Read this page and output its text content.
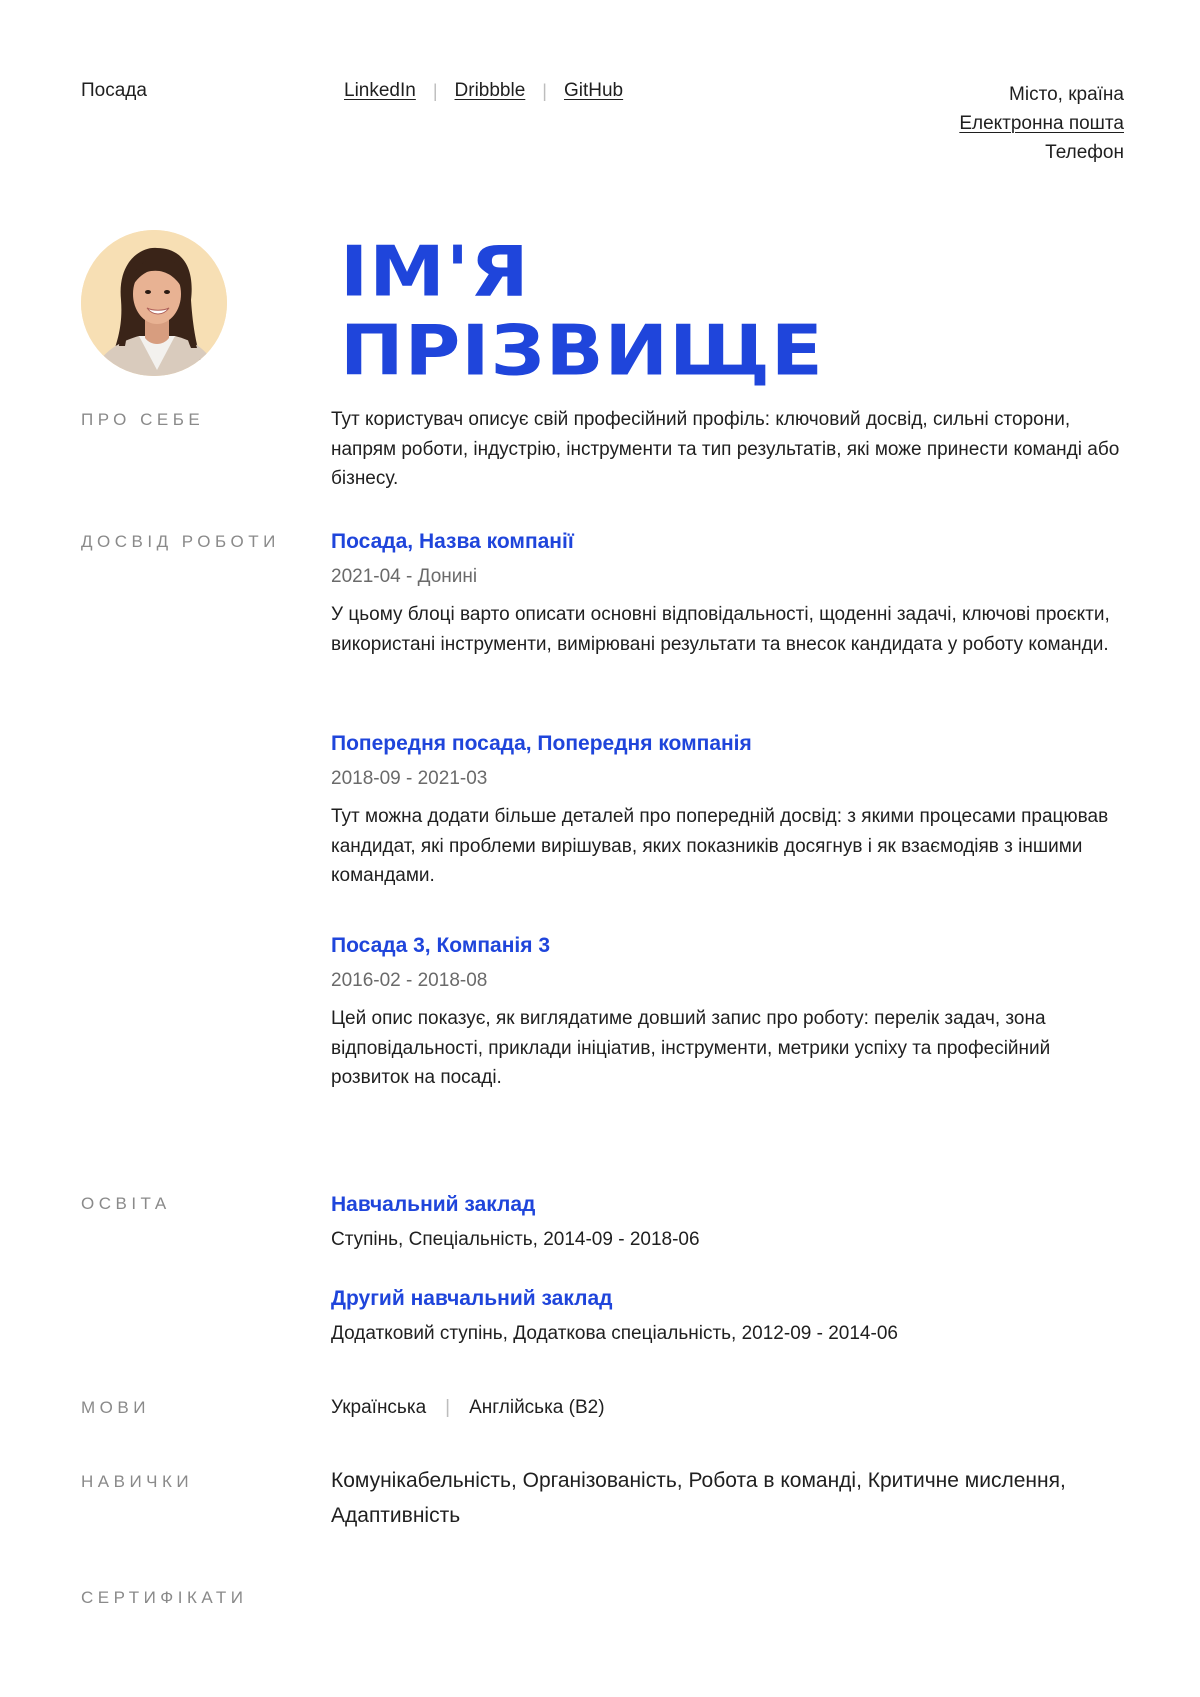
Посада	LinkedIn | Dribbble | GitHub	Місто, країна
Електронна пошта
Телефон
ІМ'Я
ПРІЗВИЩЕ
ПРО СЕБЕ	Тут користувач описує свій професійний профіль: ключовий досвід, сильні сторони, напрям роботи, індустрію, інструменти та тип результатів, які може принести команді або бізнесу.
ДОСВІД РОБОТИ Посада, Назва компанії
2021-04 - Донині
У цьому блоці варто описати основні відповідальності, щоденні задачі, ключові проєкти, використані інструменти, вимірювані результати та внесок кандидата у роботу команди.
Попередня посада, Попередня компанія
2018-09 - 2021-03
Тут можна додати більше деталей про попередній досвід: з якими процесами працював кандидат, які проблеми вирішував, яких показників досягнув і як взаємодіяв з іншими командами.
Посада 3, Компанія 3
2016-02 - 2018-08
Цей опис показує, як виглядатиме довший запис про роботу: перелік задач, зона відповідальності, приклади ініціатив, інструменти, метрики успіху та професійний розвиток на посаді.
ОСВІТА	Навчальний заклад
Ступінь, Спеціальність, 2014-09 - 2018-06
Другий навчальний заклад
Додатковий ступінь, Додаткова спеціальність, 2012-09 - 2014-06
МОВИ	Українська | Англійська (B2)
НАВИЧКИ	Комунікабельність, Організованість, Робота в команді, Критичне мислення, Адаптивність
СЕРТИФІКАТИ
